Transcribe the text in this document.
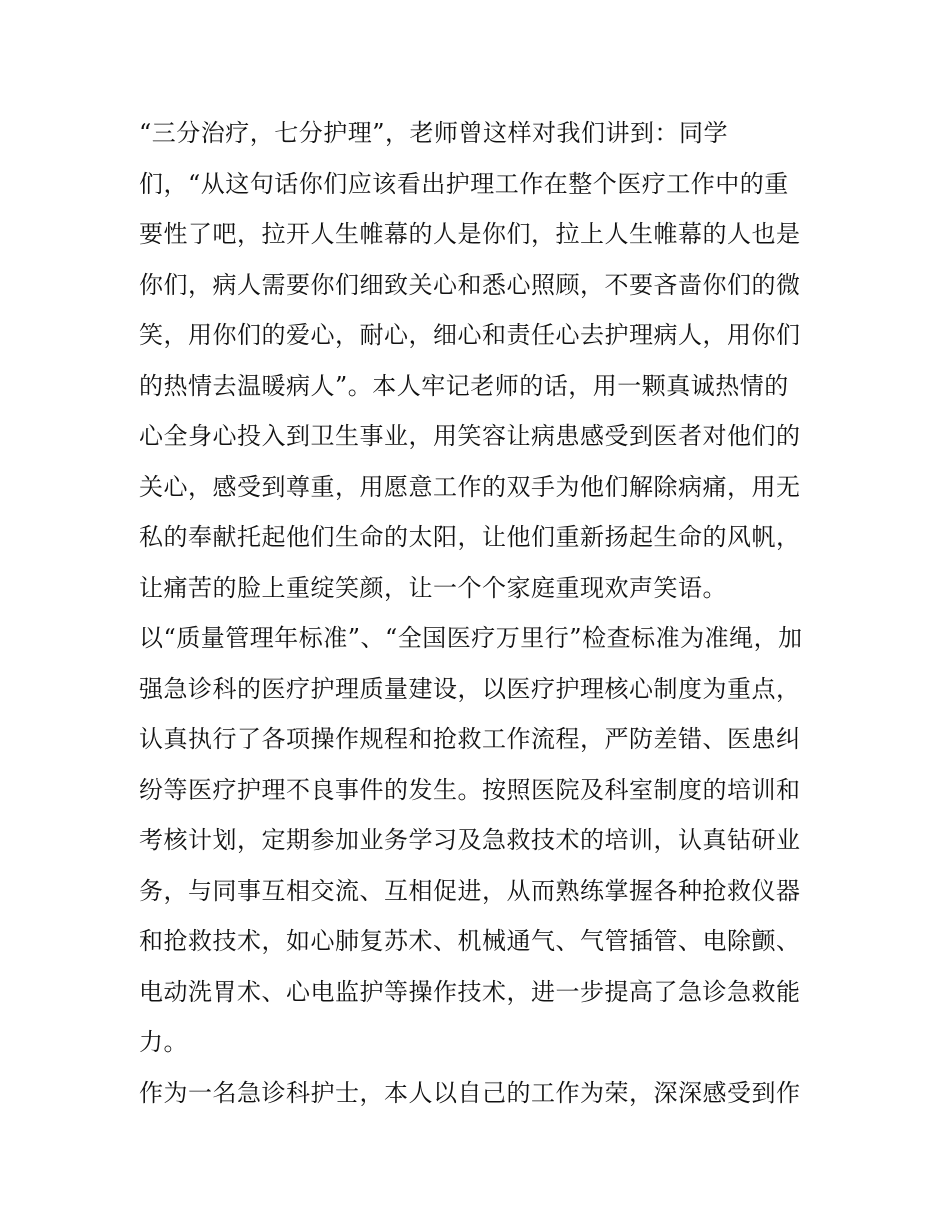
“三分治疗，七分护理”，老师曾这样对我们讲到：同学
们，“从这句话你们应该看出护理工作在整个医疗工作中的重
要性了吧，拉开人生帷幕的人是你们，拉上人生帷幕的人也是
你们，病人需要你们细致关心和悉心照顾，不要吝啬你们的微
笑，用你们的爱心，耐心，细心和责任心去护理病人，用你们
的热情去温暖病人”。本人牢记老师的话，用一颗真诚热情的
心全身心投入到卫生事业，用笑容让病患感受到医者对他们的
关心，感受到尊重，用愿意工作的双手为他们解除病痛，用无
私的奉献托起他们生命的太阳，让他们重新扬起生命的风帆，
让痛苦的脸上重绽笑颜，让一个个家庭重现欢声笑语。
以“质量管理年标准”、“全国医疗万里行”检查标准为准绳，加
强急诊科的医疗护理质量建设，以医疗护理核心制度为重点，
认真执行了各项操作规程和抢救工作流程，严防差错、医患纠
纷等医疗护理不良事件的发生。按照医院及科室制度的培训和
考核计划，定期参加业务学习及急救技术的培训，认真钻研业
务，与同事互相交流、互相促进，从而熟练掌握各种抢救仪器
和抢救技术，如心肺复苏术、机械通气、气管插管、电除颤、
电动洗胃术、心电监护等操作技术，进一步提高了急诊急救能
力。
作为一名急诊科护士，本人以自己的工作为荣，深深感受到作
